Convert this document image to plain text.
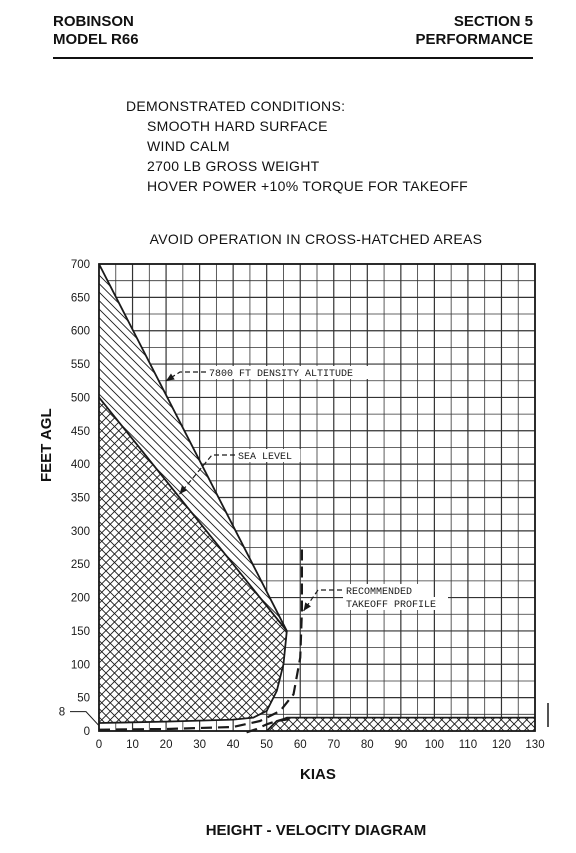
ROBINSON
MODEL R66
SECTION 5
PERFORMANCE
DEMONSTRATED CONDITIONS:
SMOOTH HARD SURFACE
WIND CALM
2700 LB GROSS WEIGHT
HOVER POWER +10% TORQUE FOR TAKEOFF
AVOID OPERATION IN CROSS-HATCHED AREAS
0 10 20 30 40 50 60 70 80 90 100 110 120 130
0
50
100
150
200
250
300
350
400
450
500
550
600
650
700
8
7800 FT DENSITY ALTITUDE
SEA LEVEL
RECOMMENDED
TAKEOFF PROFILE
FEET AGL
KIAS
HEIGHT - VELOCITY DIAGRAM
